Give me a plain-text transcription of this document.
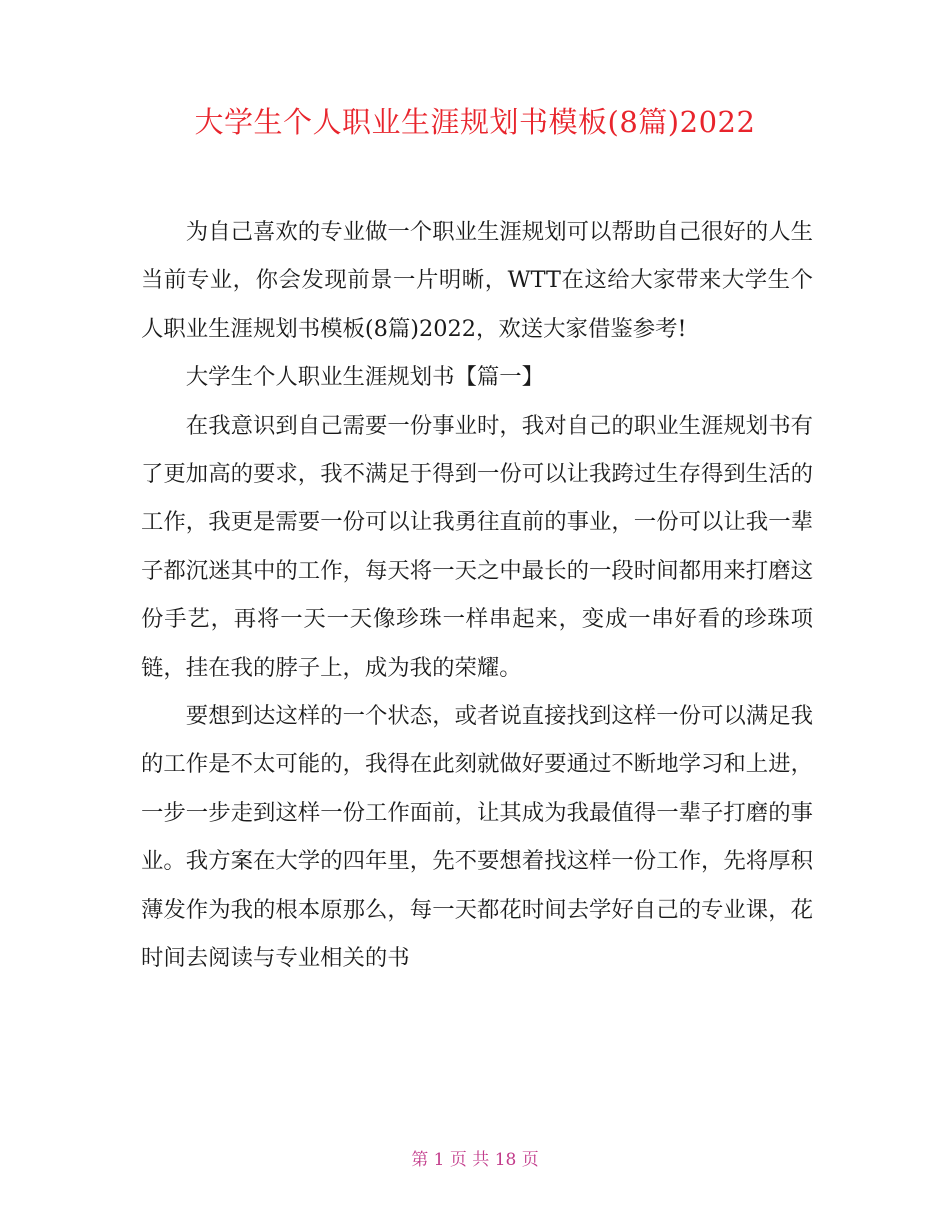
大学生个人职业生涯规划书模板(8篇)2022

为自己喜欢的专业做一个职业生涯规划可以帮助自己很好的人生当前专业，你会发现前景一片明晰，WTT在这给大家带来大学生个人职业生涯规划书模板(8篇)2022，欢送大家借鉴参考!

大学生个人职业生涯规划书【篇一】

在我意识到自己需要一份事业时，我对自己的职业生涯规划书有了更加高的要求，我不满足于得到一份可以让我跨过生存得到生活的工作，我更是需要一份可以让我勇往直前的事业，一份可以让我一辈子都沉迷其中的工作，每天将一天之中最长的一段时间都用来打磨这份手艺，再将一天一天像珍珠一样串起来，变成一串好看的珍珠项链，挂在我的脖子上，成为我的荣耀。

要想到达这样的一个状态，或者说直接找到这样一份可以满足我的工作是不太可能的，我得在此刻就做好要通过不断地学习和上进，一步一步走到这样一份工作面前，让其成为我最值得一辈子打磨的事业。我方案在大学的四年里，先不要想着找这样一份工作，先将厚积薄发作为我的根本原那么，每一天都花时间去学好自己的专业课，花时间去阅读与专业相关的书

第 1 页 共 18 页
